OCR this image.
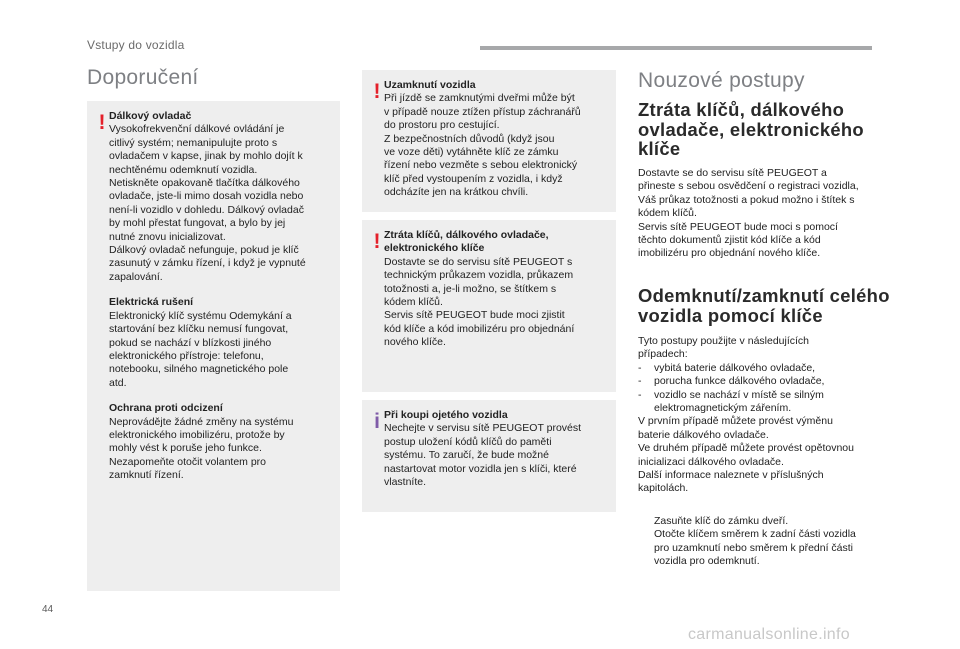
Vstupy do vozidla
Doporučení
! Dálkový ovladač
Vysokofrekvenční dálkové ovládání je
citlivý systém; nemanipulujte proto s
ovladačem v kapse, jinak by mohlo dojít k
nechtěnému odemknutí vozidla.
Netiskněte opakovaně tlačítka dálkového
ovladače, jste-li mimo dosah vozidla nebo
není-li vozidlo v dohledu. Dálkový ovladač
by mohl přestat fungovat, a bylo by jej
nutné znovu inicializovat.
Dálkový ovladač nefunguje, pokud je klíč
zasunutý v zámku řízení, i když je vypnuté
zapalování.

Elektrická rušení
Elektronický klíč systému Odemykání a
startování bez klíčku nemusí fungovat,
pokud se nachází v blízkosti jiného
elektronického přístroje: telefonu,
notebooku, silného magnetického pole
atd.

Ochrana proti odcizení
Neprovádějte žádné změny na systému
elektronického imobilizéru, protože by
mohly vést k poruše jeho funkce.
Nezapomeňte otočit volantem pro
zamknutí řízení.

! Uzamknutí vozidla
Při jízdě se zamknutými dveřmi může být
v případě nouze ztížen přístup záchranářů
do prostoru pro cestující.
Z bezpečnostních důvodů (když jsou
ve voze děti) vytáhněte klíč ze zámku
řízení nebo vezměte s sebou elektronický
klíč před vystoupením z vozidla, i když
odcházíte jen na krátkou chvíli.
! Ztráta klíčů, dálkového ovladače,
elektronického klíče
Dostavte se do servisu sítě PEUGEOT s
technickým průkazem vozidla, průkazem
totožnosti a, je-li možno, se štítkem s
kódem klíčů.
Servis sítě PEUGEOT bude moci zjistit
kód klíče a kód imobilizéru pro objednání
nového klíče.
i Při koupi ojetého vozidla
Nechejte v servisu sítě PEUGEOT provést
postup uložení kódů klíčů do paměti
systému. To zaručí, že bude možné
nastartovat motor vozidla jen s klíči, které
vlastníte.
Nouzové postupy
Ztráta klíčů, dálkového
ovladače, elektronického
klíče
Dostavte se do servisu sítě PEUGEOT a
přineste s sebou osvědčení o registraci vozidla,
Váš průkaz totožnosti a pokud možno i štítek s
kódem klíčů.
Servis sítě PEUGEOT bude moci s pomocí
těchto dokumentů zjistit kód klíče a kód
imobilizéru pro objednání nového klíče.
Odemknutí/zamknutí celého
vozidla pomocí klíče
Tyto postupy použijte v následujících
případech:
-	vybitá baterie dálkového ovladače,
-	porucha funkce dálkového ovladače,
-	vozidlo se nachází v místě se silným
elektromagnetickým zářením.
V prvním případě můžete provést výměnu
baterie dálkového ovladače.
Ve druhém případě můžete provést opětovnou
inicializaci dálkového ovladače.
Další informace naleznete v příslušných
kapitolách.
Zasuňte klíč do zámku dveří.
Otočte klíčem směrem k zadní části vozidla
pro uzamknutí nebo směrem k přední části
vozidla pro odemknutí.
44
carmanualsonline.info
